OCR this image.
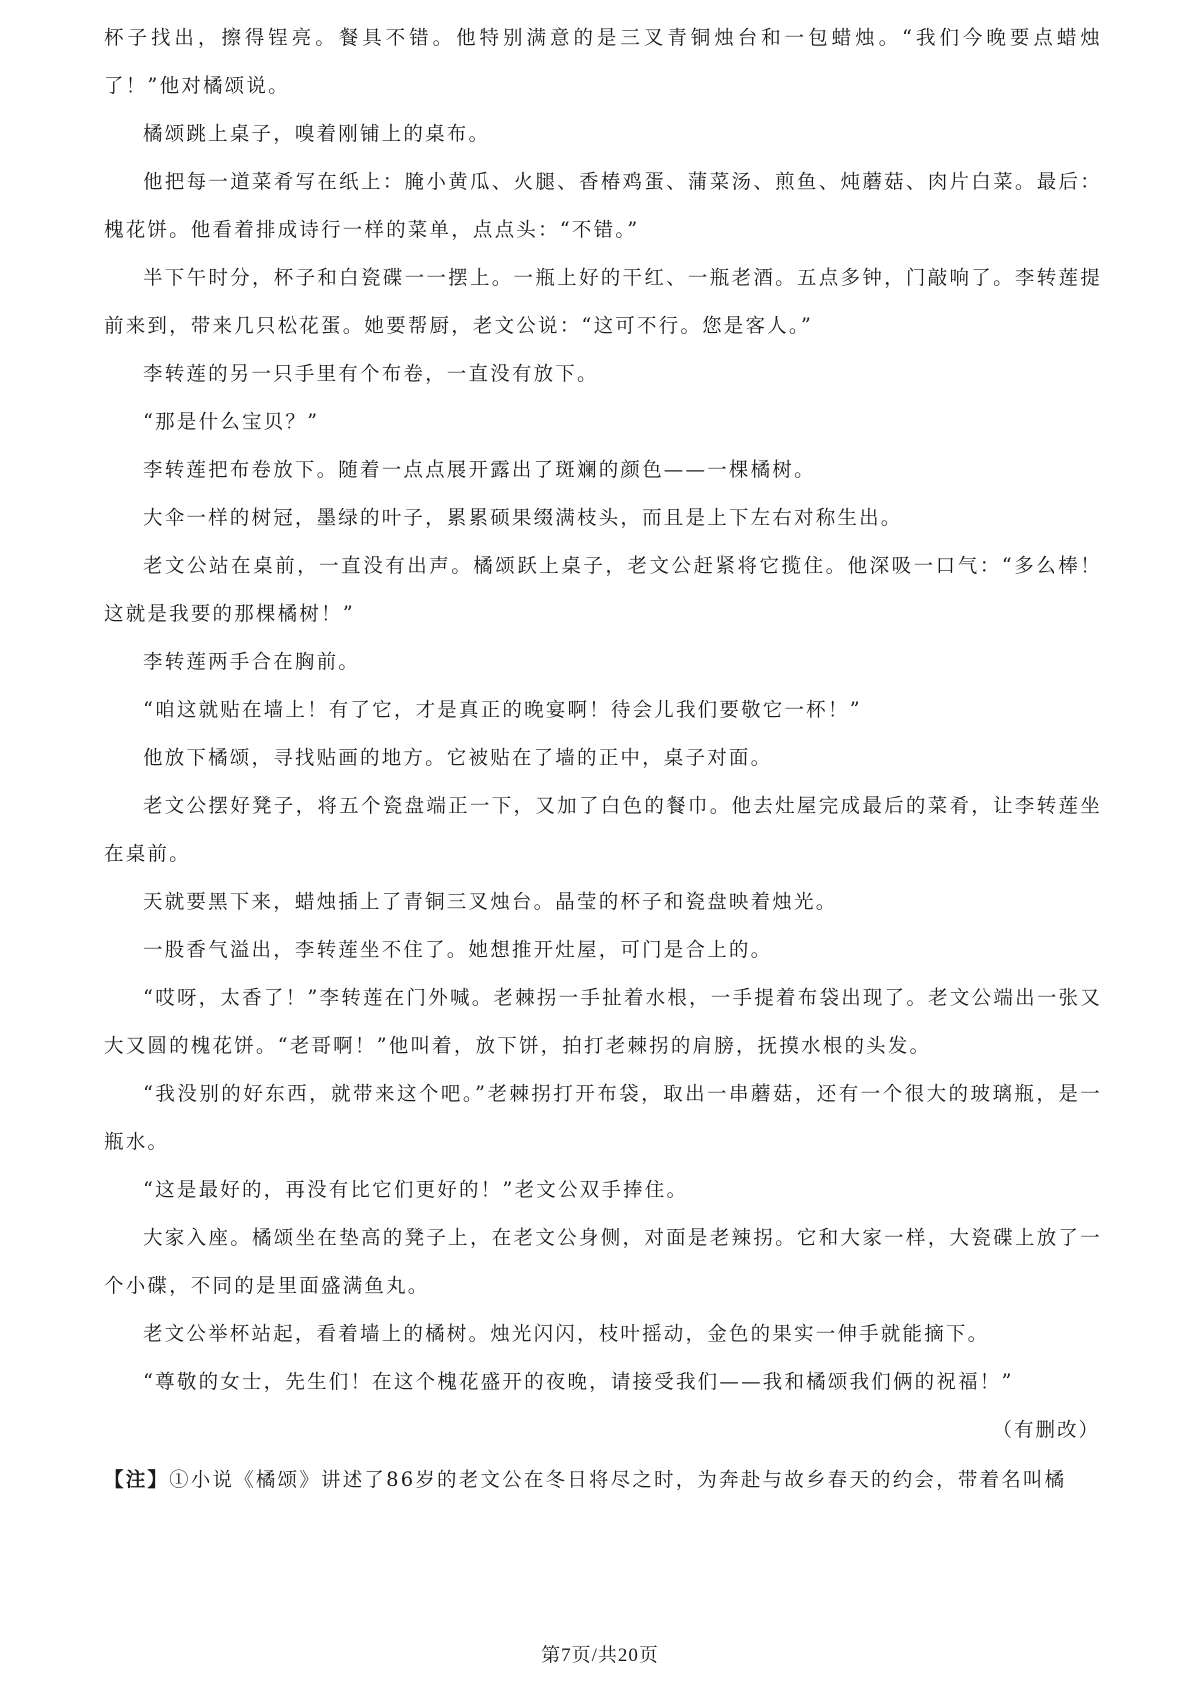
杯子找出，擦得锃亮。餐具不错。他特别满意的是三叉青铜烛台和一包蜡烛。“我们今晚要点蜡烛了！”他对橘颂说。

橘颂跳上桌子，嗅着刚铺上的桌布。

他把每一道菜肴写在纸上：腌小黄瓜、火腿、香椿鸡蛋、蒲菜汤、煎鱼、炖蘑菇、肉片白菜。最后：槐花饼。他看着排成诗行一样的菜单，点点头：“不错。”

半下午时分，杯子和白瓷碟一一摆上。一瓶上好的干红、一瓶老酒。五点多钟，门敲响了。李转莲提前来到，带来几只松花蛋。她要帮厨，老文公说：“这可不行。您是客人。”

李转莲的另一只手里有个布卷，一直没有放下。

“那是什么宝贝？”

李转莲把布卷放下。随着一点点展开露出了斑斓的颜色——一棵橘树。

大伞一样的树冠，墨绿的叶子，累累硕果缀满枝头，而且是上下左右对称生出。

老文公站在桌前，一直没有出声。橘颂跃上桌子，老文公赶紧将它揽住。他深吸一口气：“多么棒！这就是我要的那棵橘树！”

李转莲两手合在胸前。

“咱这就贴在墙上！有了它，才是真正的晚宴啊！待会儿我们要敬它一杯！”

他放下橘颂，寻找贴画的地方。它被贴在了墙的正中，桌子对面。

老文公摆好凳子，将五个瓷盘端正一下，又加了白色的餐巾。他去灶屋完成最后的菜肴，让李转莲坐在桌前。

天就要黑下来，蜡烛插上了青铜三叉烛台。晶莹的杯子和瓷盘映着烛光。

一股香气溢出，李转莲坐不住了。她想推开灶屋，可门是合上的。

“哎呀，太香了！”李转莲在门外喊。老棘拐一手扯着水根，一手提着布袋出现了。老文公端出一张又大又圆的槐花饼。“老哥啊！”他叫着，放下饼，拍打老棘拐的肩膀，抚摸水根的头发。

“我没别的好东西，就带来这个吧。”老棘拐打开布袋，取出一串蘑菇，还有一个很大的玻璃瓶，是一瓶水。

“这是最好的，再没有比它们更好的！”老文公双手捧住。

大家入座。橘颂坐在垫高的凳子上，在老文公身侧，对面是老辣拐。它和大家一样，大瓷碟上放了一个小碟，不同的是里面盛满鱼丸。

老文公举杯站起，看着墙上的橘树。烛光闪闪，枝叶摇动，金色的果实一伸手就能摘下。

“尊敬的女士，先生们！在这个槐花盛开的夜晚，请接受我们——我和橘颂我们俩的祝福！”

（有删改）

【注】①小说《橘颂》讲述了86岁的老文公在冬日将尽之时，为奔赴与故乡春天的约会，带着名叫橘

第7页/共20页
